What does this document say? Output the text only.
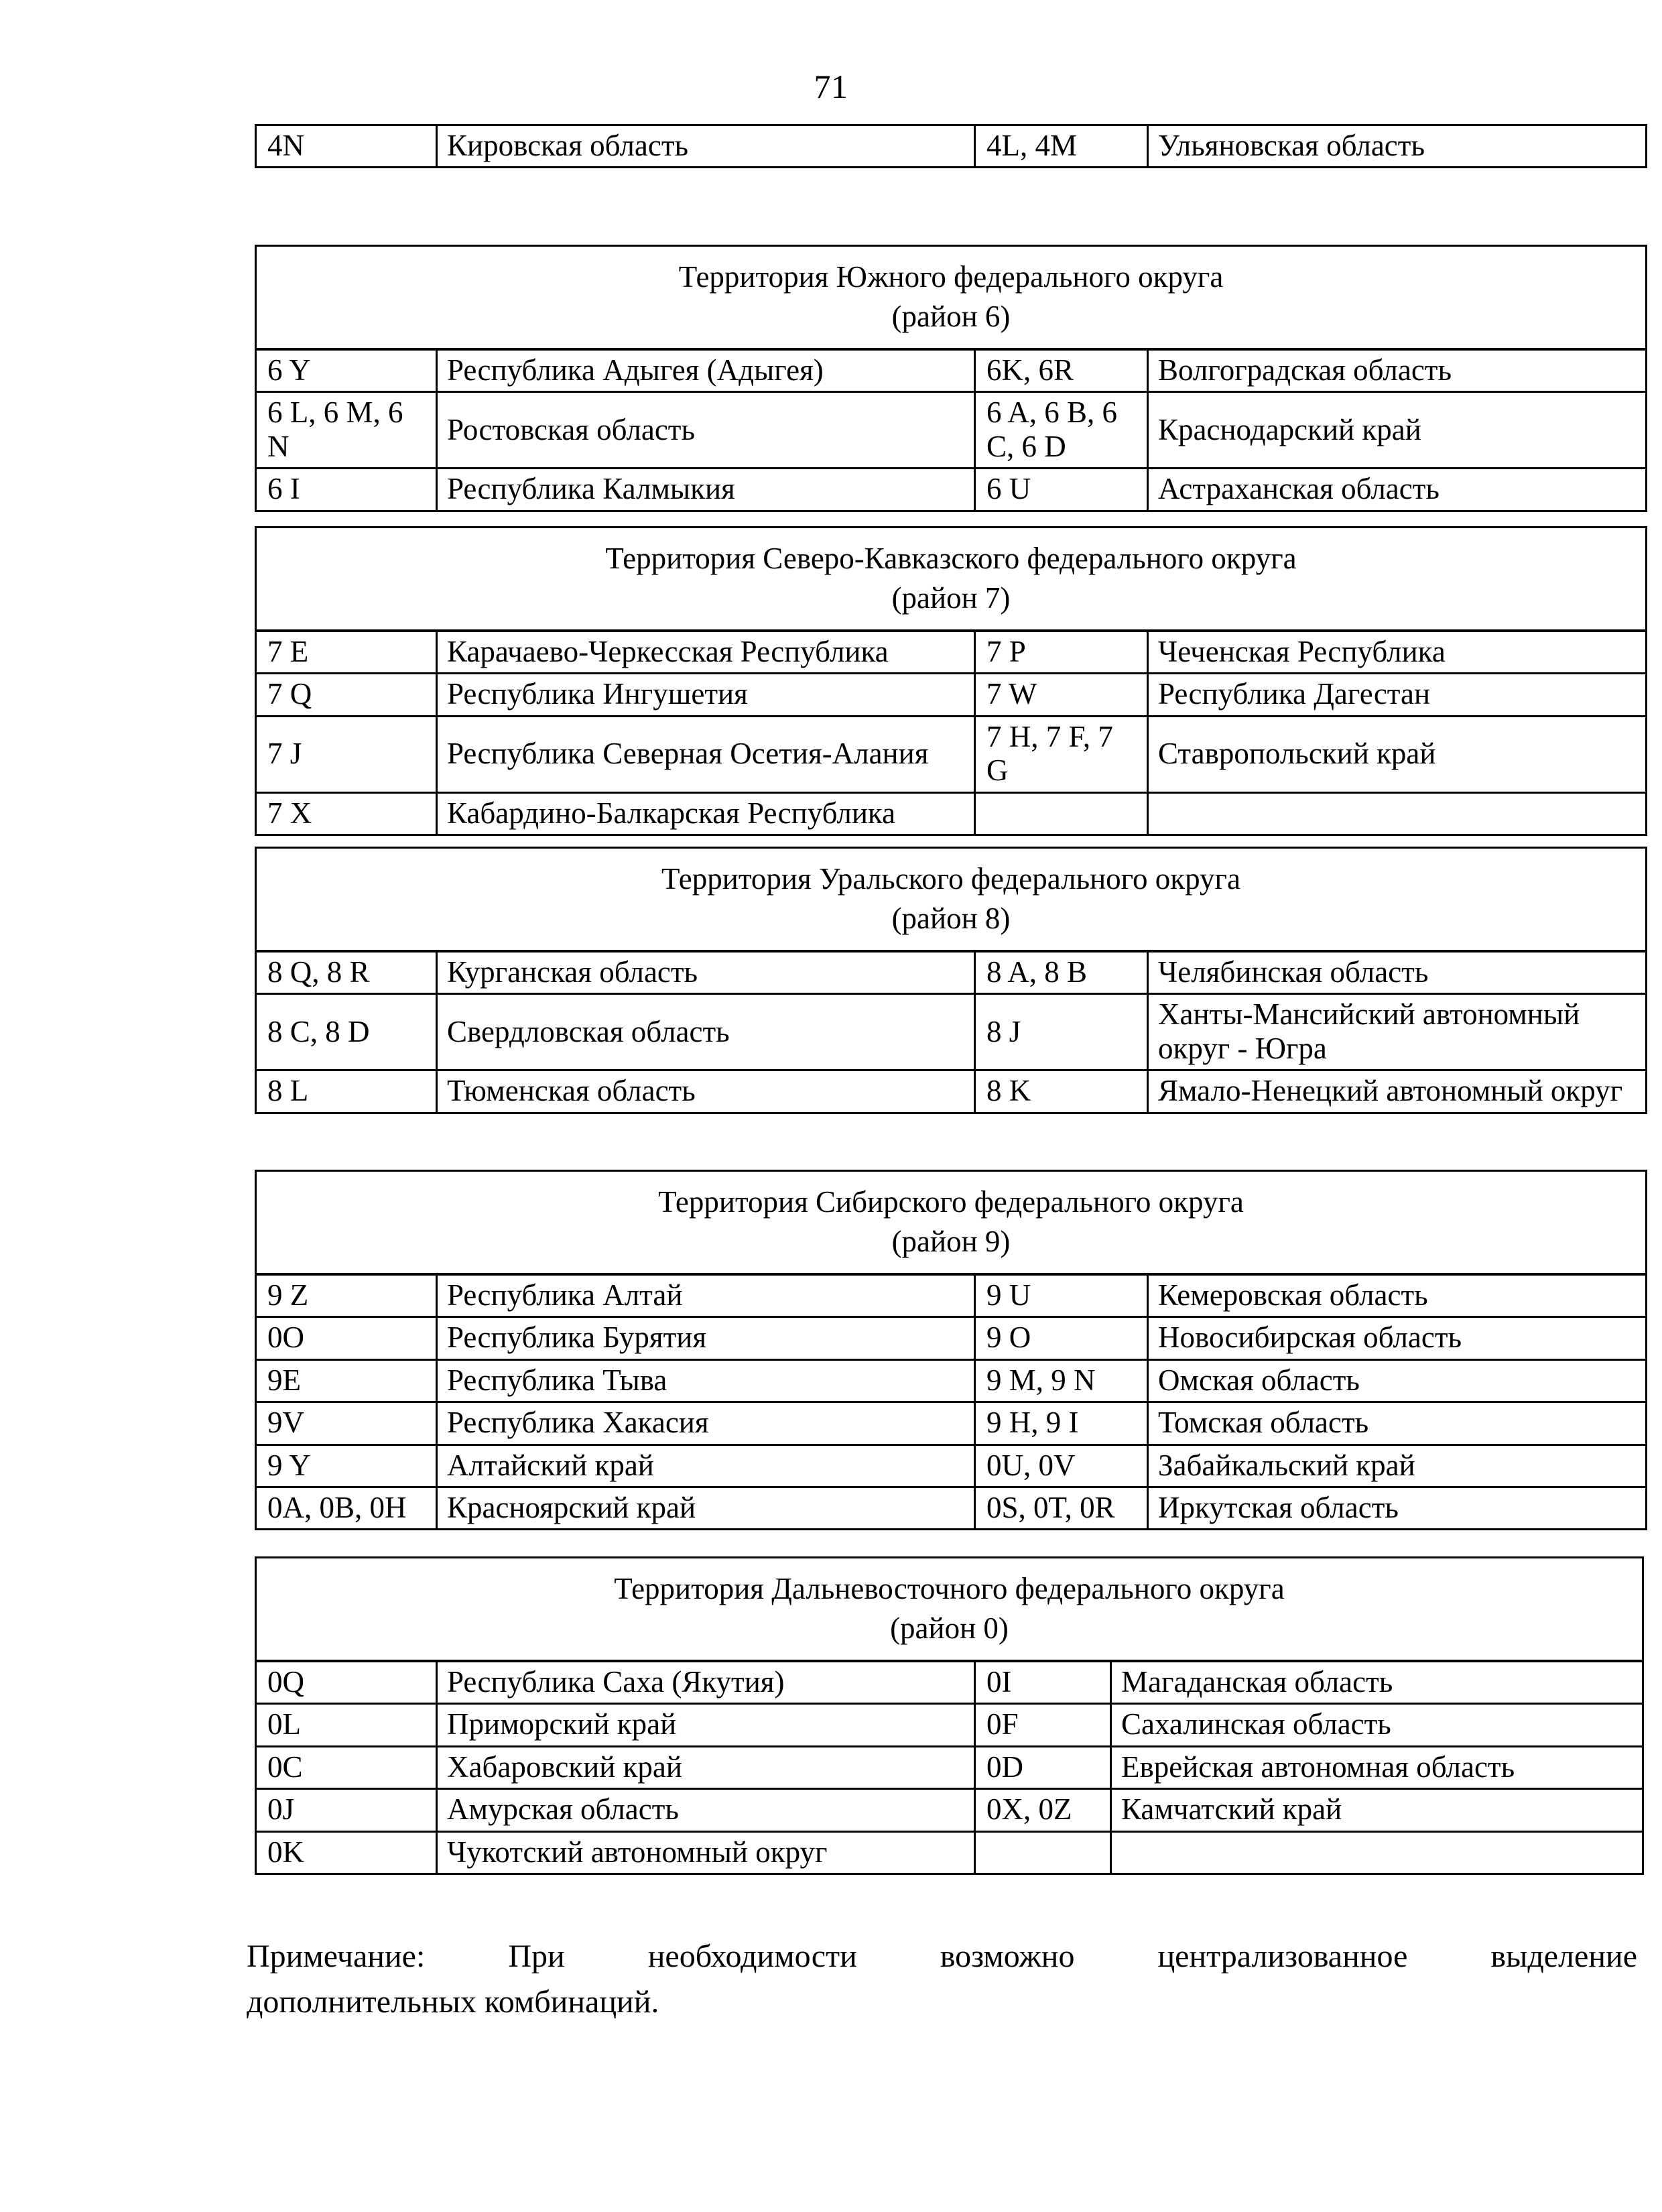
71
4N	Кировская область	4L, 4M	Ульяновская область
Территория Южного федерального округа
(район 6)			
6 Y	Республика Адыгея (Адыгея)	6K, 6R	Волгоградская область
6 L, 6 M, 6 N	Ростовская область	6 A, 6 B, 6 C, 6 D	Краснодарский край
6 I	Республика Калмыкия	6 U	Астраханская область
Территория Северо-Кавказского федерального округа
(район 7)			
7 E	Карачаево-Черкесская Республика	7 P	Чеченская Республика
7 Q	Республика Ингушетия	7 W	Республика Дагестан
7 J	Республика Северная Осетия-Алания	7 H, 7 F, 7 G	Ставропольский край
7 X	Кабардино-Балкарская Республика		
Территория Уральского федерального округа
(район 8)			
8 Q, 8 R	Курганская область	8 A, 8 B	Челябинская область
8 C, 8 D	Свердловская область	8 J	Ханты-Мансийский автономный округ - Югра
8 L	Тюменская область	8 K	Ямало-Ненецкий автономный округ
Территория Сибирского федерального округа
(район 9)			
9 Z	Республика Алтай	9 U	Кемеровская область
0O	Республика Бурятия	9 O	Новосибирская область
9E	Республика Тыва	9 M, 9 N	Омская область
9V	Республика Хакасия	9 H, 9 I	Томская область
9 Y	Алтайский край	0U, 0V	Забайкальский край
0A, 0B, 0H	Красноярский край	0S, 0T, 0R	Иркутская область
Территория Дальневосточного федерального округа
(район 0)			
0Q	Республика Саха (Якутия)	0I	Магаданская область
0L	Приморский край	0F	Сахалинская область
0C	Хабаровский край	0D	Еврейская автономная область
0J	Амурская область	0X, 0Z	Камчатский край
0K	Чукотский автономный округ		
Примечание: При необходимости возможно централизованное выделение
дополнительных комбинаций.
